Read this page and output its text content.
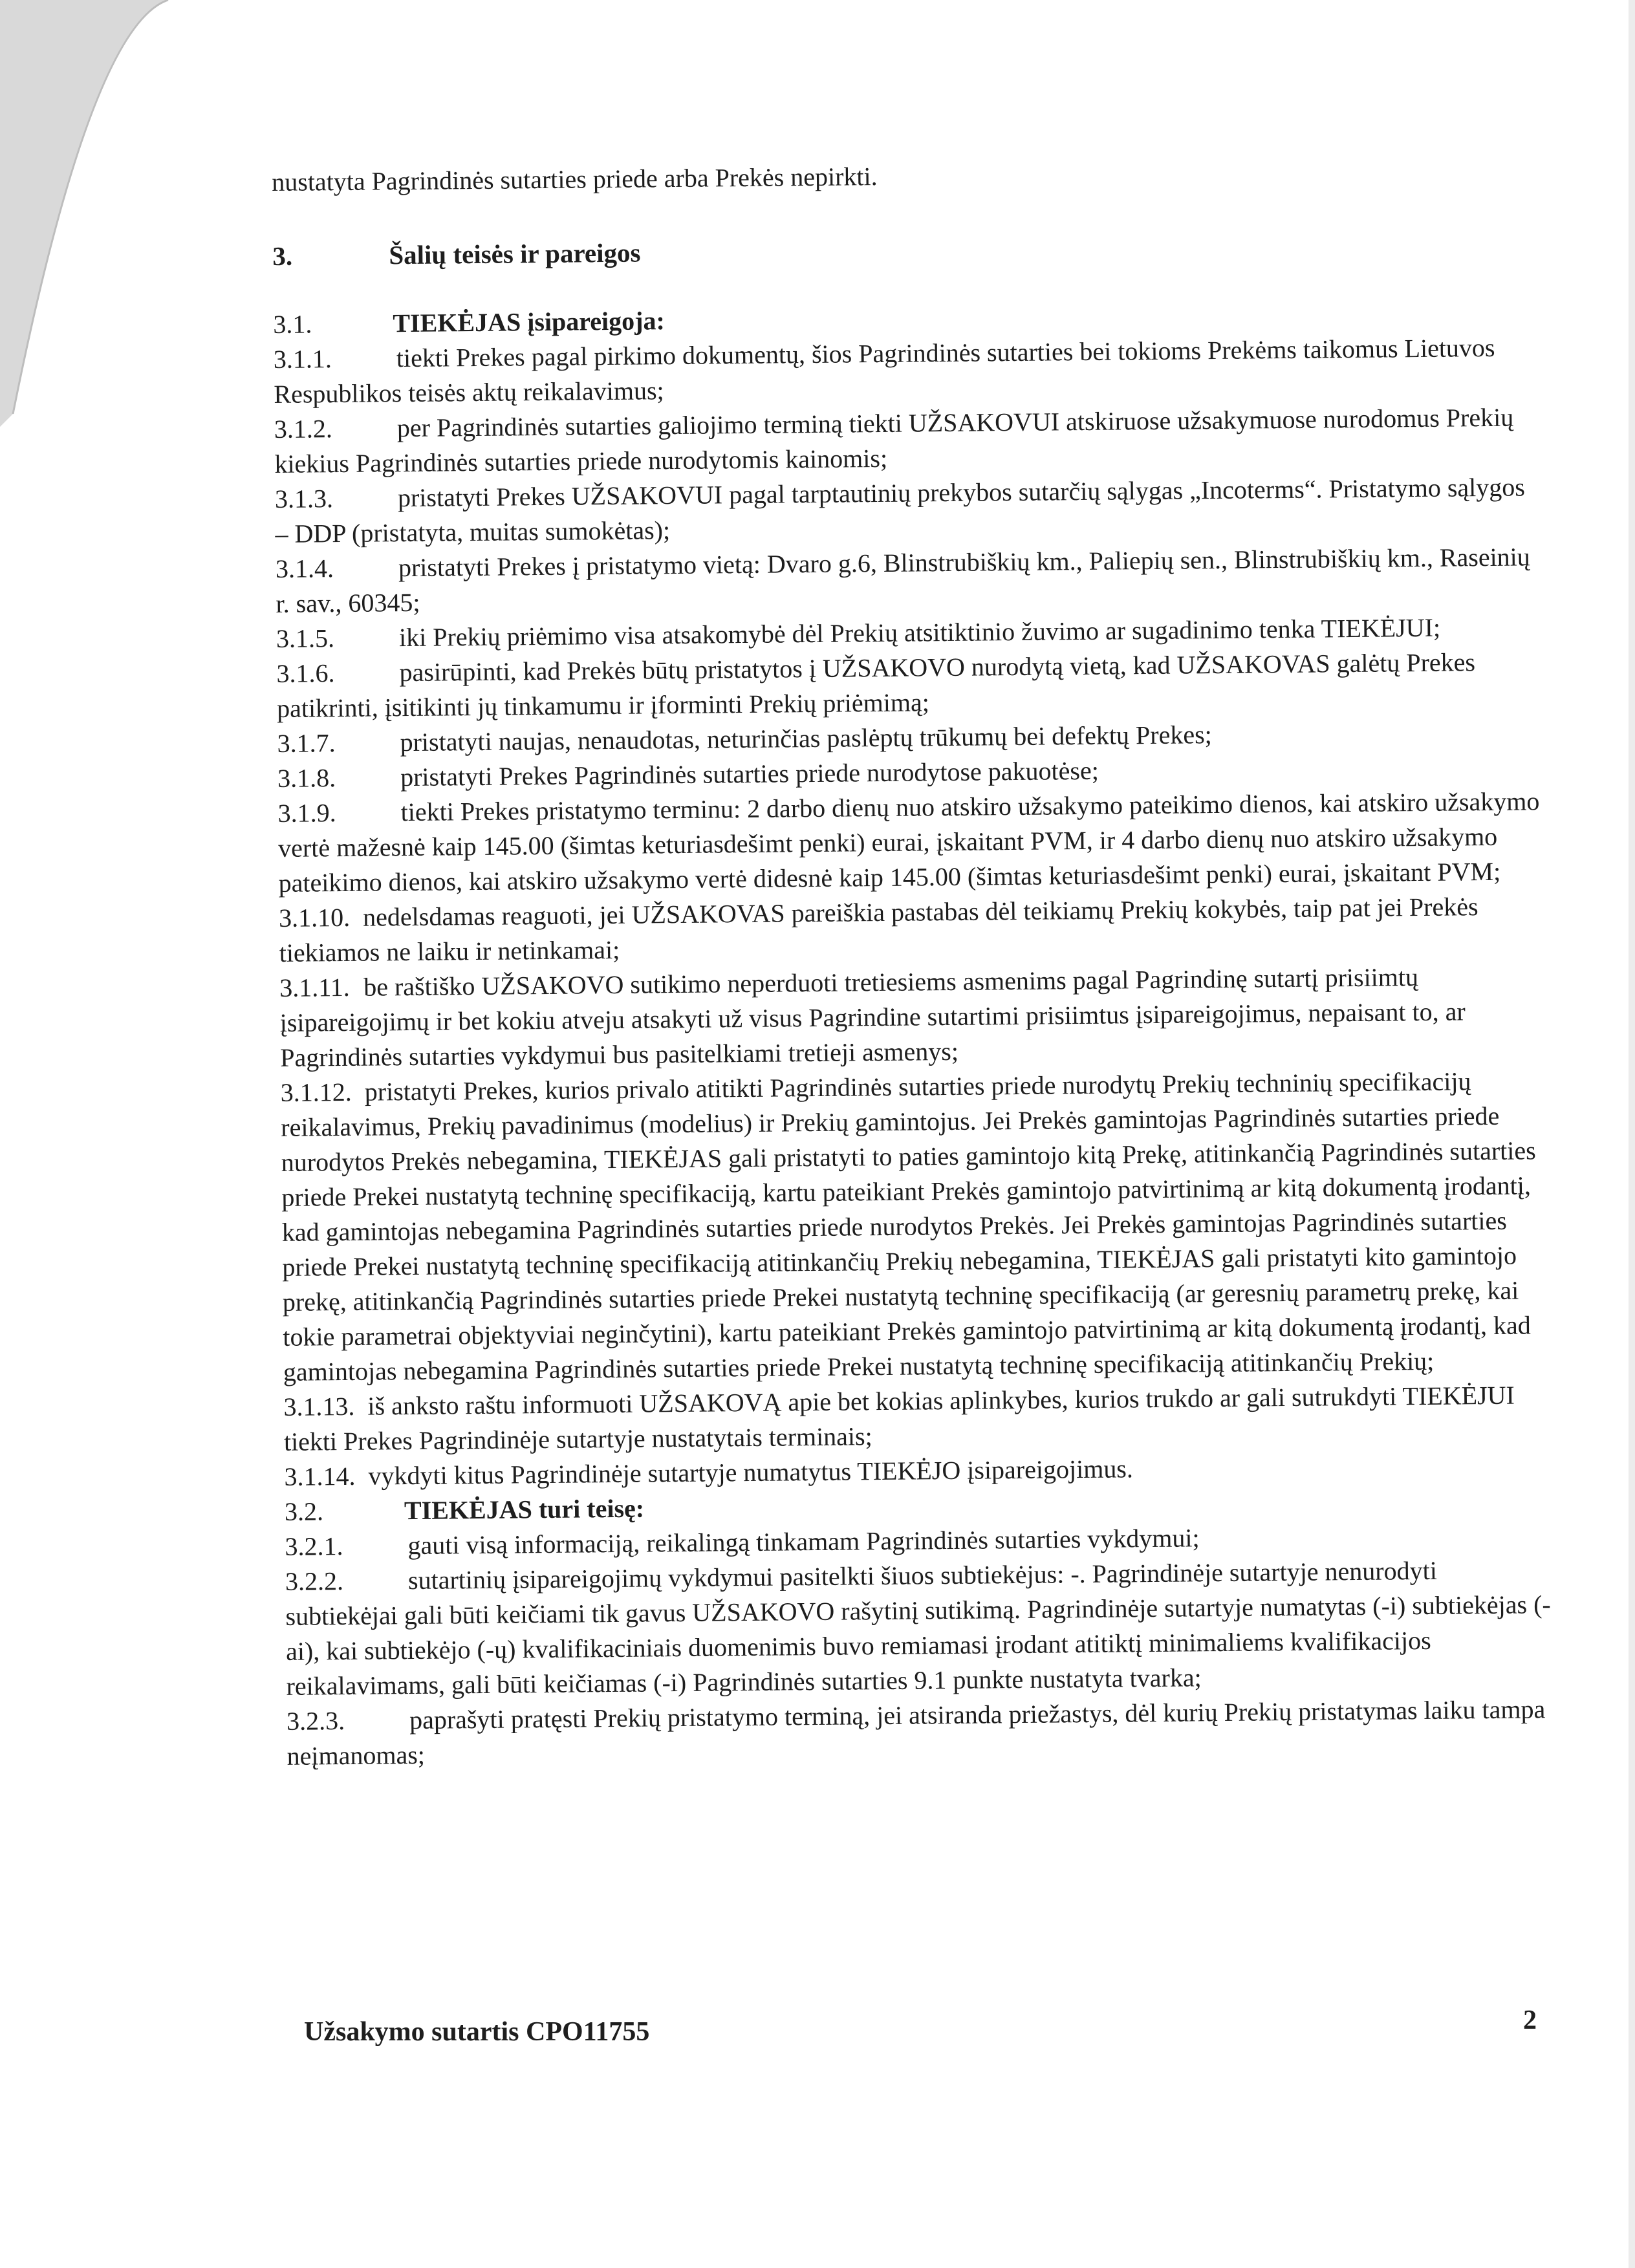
nustatyta Pagrindinės sutarties priede arba Prekės nepirkti.
3.	Šalių teisės ir pareigos
3.1.	TIEKĖJAS įsipareigoja:

3.1.1. tiekti Prekes pagal pirkimo dokumentų, šios Pagrindinės sutarties bei tokioms Prekėms taikomus Lietuvos Respublikos teisės aktų reikalavimus;

3.1.2. per Pagrindinės sutarties galiojimo terminą tiekti UŽSAKOVUI atskiruose užsakymuose nurodomus Prekių kiekius Pagrindinės sutarties priede nurodytomis kainomis;

3.1.3. pristatyti Prekes UŽSAKOVUI pagal tarptautinių prekybos sutarčių sąlygas „Incoterms“. Pristatymo sąlygos – DDP (pristatyta, muitas sumokėtas);

3.1.4. pristatyti Prekes į pristatymo vietą: Dvaro g.6, Blinstrubiškių km., Paliepių sen., Blinstrubiškių km., Raseinių r. sav., 60345;

3.1.5. iki Prekių priėmimo visa atsakomybė dėl Prekių atsitiktinio žuvimo ar sugadinimo tenka TIEKĖJUI;

3.1.6. pasirūpinti, kad Prekės būtų pristatytos į UŽSAKOVO nurodytą vietą, kad UŽSAKOVAS galėtų Prekes patikrinti, įsitikinti jų tinkamumu ir įforminti Prekių priėmimą;

3.1.7. pristatyti naujas, nenaudotas, neturinčias paslėptų trūkumų bei defektų Prekes;

3.1.8. pristatyti Prekes Pagrindinės sutarties priede nurodytose pakuotėse;

3.1.9. tiekti Prekes pristatymo terminu: 2 darbo dienų nuo atskiro užsakymo pateikimo dienos, kai atskiro užsakymo vertė mažesnė kaip 145.00 (šimtas keturiasdešimt penki) eurai, įskaitant PVM, ir 4 darbo dienų nuo atskiro užsakymo pateikimo dienos, kai atskiro užsakymo vertė didesnė kaip 145.00 (šimtas keturiasdešimt penki) eurai, įskaitant PVM;

3.1.10. nedelsdamas reaguoti, jei UŽSAKOVAS pareiškia pastabas dėl teikiamų Prekių kokybės, taip pat jei Prekės tiekiamos ne laiku ir netinkamai;

3.1.11. be raštiško UŽSAKOVO sutikimo neperduoti tretiesiems asmenims pagal Pagrindinę sutartį prisiimtų įsipareigojimų ir bet kokiu atveju atsakyti už visus Pagrindine sutartimi prisiimtus įsipareigojimus, nepaisant to, ar Pagrindinės sutarties vykdymui bus pasitelkiami tretieji asmenys;

3.1.12. pristatyti Prekes, kurios privalo atitikti Pagrindinės sutarties priede nurodytų Prekių techninių specifikacijų reikalavimus, Prekių pavadinimus (modelius) ir Prekių gamintojus. Jei Prekės gamintojas Pagrindinės sutarties priede nurodytos Prekės nebegamina, TIEKĖJAS gali pristatyti to paties gamintojo kitą Prekę, atitinkančią Pagrindinės sutarties priede Prekei nustatytą techninę specifikaciją, kartu pateikiant Prekės gamintojo patvirtinimą ar kitą dokumentą įrodantį, kad gamintojas nebegamina Pagrindinės sutarties priede nurodytos Prekės. Jei Prekės gamintojas Pagrindinės sutarties priede Prekei nustatytą techninę specifikaciją atitinkančių Prekių nebegamina, TIEKĖJAS gali pristatyti kito gamintojo prekę, atitinkančią Pagrindinės sutarties priede Prekei nustatytą techninę specifikaciją (ar geresnių parametrų prekę, kai tokie parametrai objektyviai neginčytini), kartu pateikiant Prekės gamintojo patvirtinimą ar kitą dokumentą įrodantį, kad gamintojas nebegamina Pagrindinės sutarties priede Prekei nustatytą techninę specifikaciją atitinkančių Prekių;

3.1.13. iš anksto raštu informuoti UŽSAKOVĄ apie bet kokias aplinkybes, kurios trukdo ar gali sutrukdyti TIEKĖJUI tiekti Prekes Pagrindinėje sutartyje nustatytais terminais;

3.1.14. vykdyti kitus Pagrindinėje sutartyje numatytus TIEKĖJO įsipareigojimus.

3.2.	TIEKĖJAS turi teisę:

3.2.1. gauti visą informaciją, reikalingą tinkamam Pagrindinės sutarties vykdymui;

3.2.2. sutartinių įsipareigojimų vykdymui pasitelkti šiuos subtiekėjus: -. Pagrindinėje sutartyje nenurodyti subtiekėjai gali būti keičiami tik gavus UŽSAKOVO rašytinį sutikimą. Pagrindinėje sutartyje numatytas (-i) subtiekėjas (-ai), kai subtiekėjo (-ų) kvalifikaciniais duomenimis buvo remiamasi įrodant atitiktį minimaliems kvalifikacijos reikalavimams, gali būti keičiamas (-i) Pagrindinės sutarties 9.1 punkte nustatyta tvarka;

3.2.3. paprašyti pratęsti Prekių pristatymo terminą, jei atsiranda priežastys, dėl kurių Prekių pristatymas laiku tampa neįmanomas;

Užsakymo sutartis CPO11755	2
